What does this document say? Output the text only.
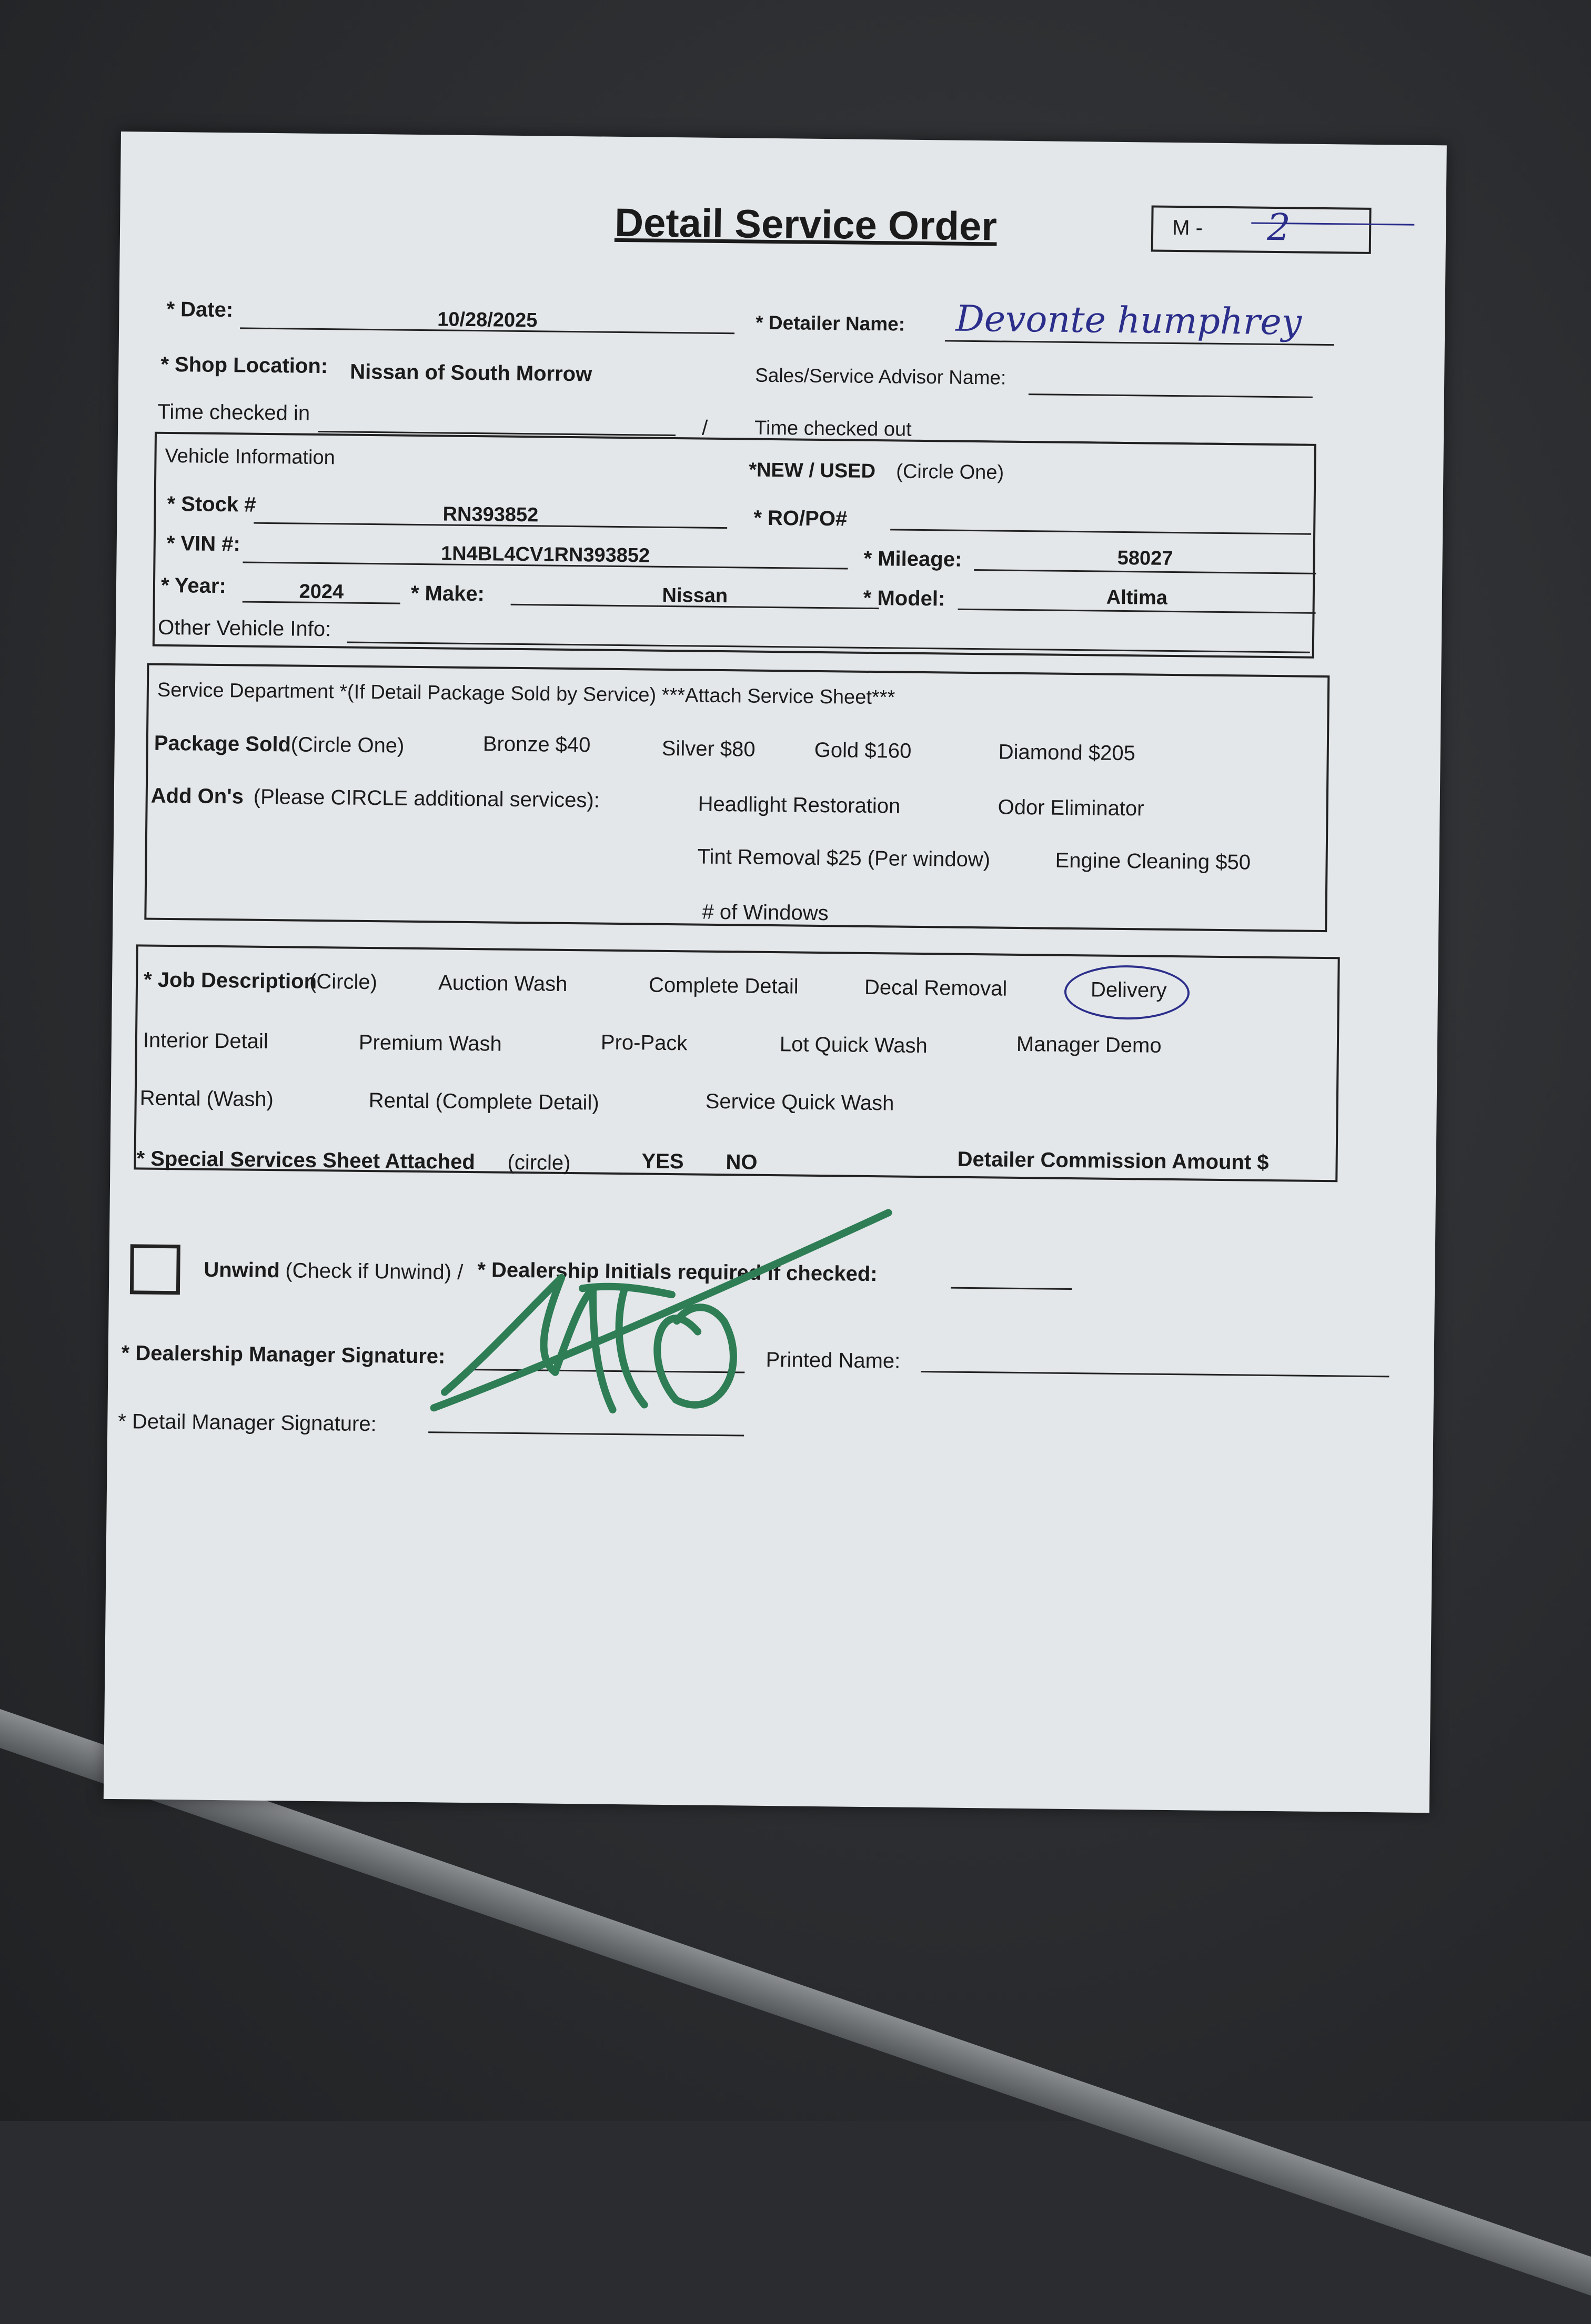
Detail Service Order	M - 2
* Date:	10/28/2025	* Detailer Name: Devonte humphrey
* Shop Location: Nissan of South Morrow	Sales/Service Advisor Name:
Time checked in
/ Time checked out
Vehicle Information
*NEW / USED (Circle One)
* Stock #	RN393852	* RO/PO#
* VIN #:	1N4BL4CV1RN393852	* Mileage:	58027
* Year:	2024	* Make:	Nissan	* Model:	Altima
Other Vehicle Info:
Service Department *(If Detail Package Sold by Service) ***Attach Service Sheet***
Package Sold (Circle One)	Bronze $40	Silver $80	Gold $160	Diamond $205
Add On's (Please CIRCLE additional services):	Headlight Restoration	Odor Eliminator
Tint Removal $25 (Per window)	Engine Cleaning $50
# of Windows
* Job Description
(Circle)	Auction Wash	Complete Detail	Decal Removal	Delivery
Interior Detail	Premium Wash	Pro-Pack	Lot Quick Wash	Manager Demo
Rental (Wash)	Rental (Complete Detail)	Service Quick Wash
* Special Services Sheet Attached (circle)	YES NO	Detailer Commission Amount $
Unwind (Check if Unwind) / * Dealership Initials required if checked:
* Dealership Manager Signature:	Printed Name:
* Detail Manager Signature:
